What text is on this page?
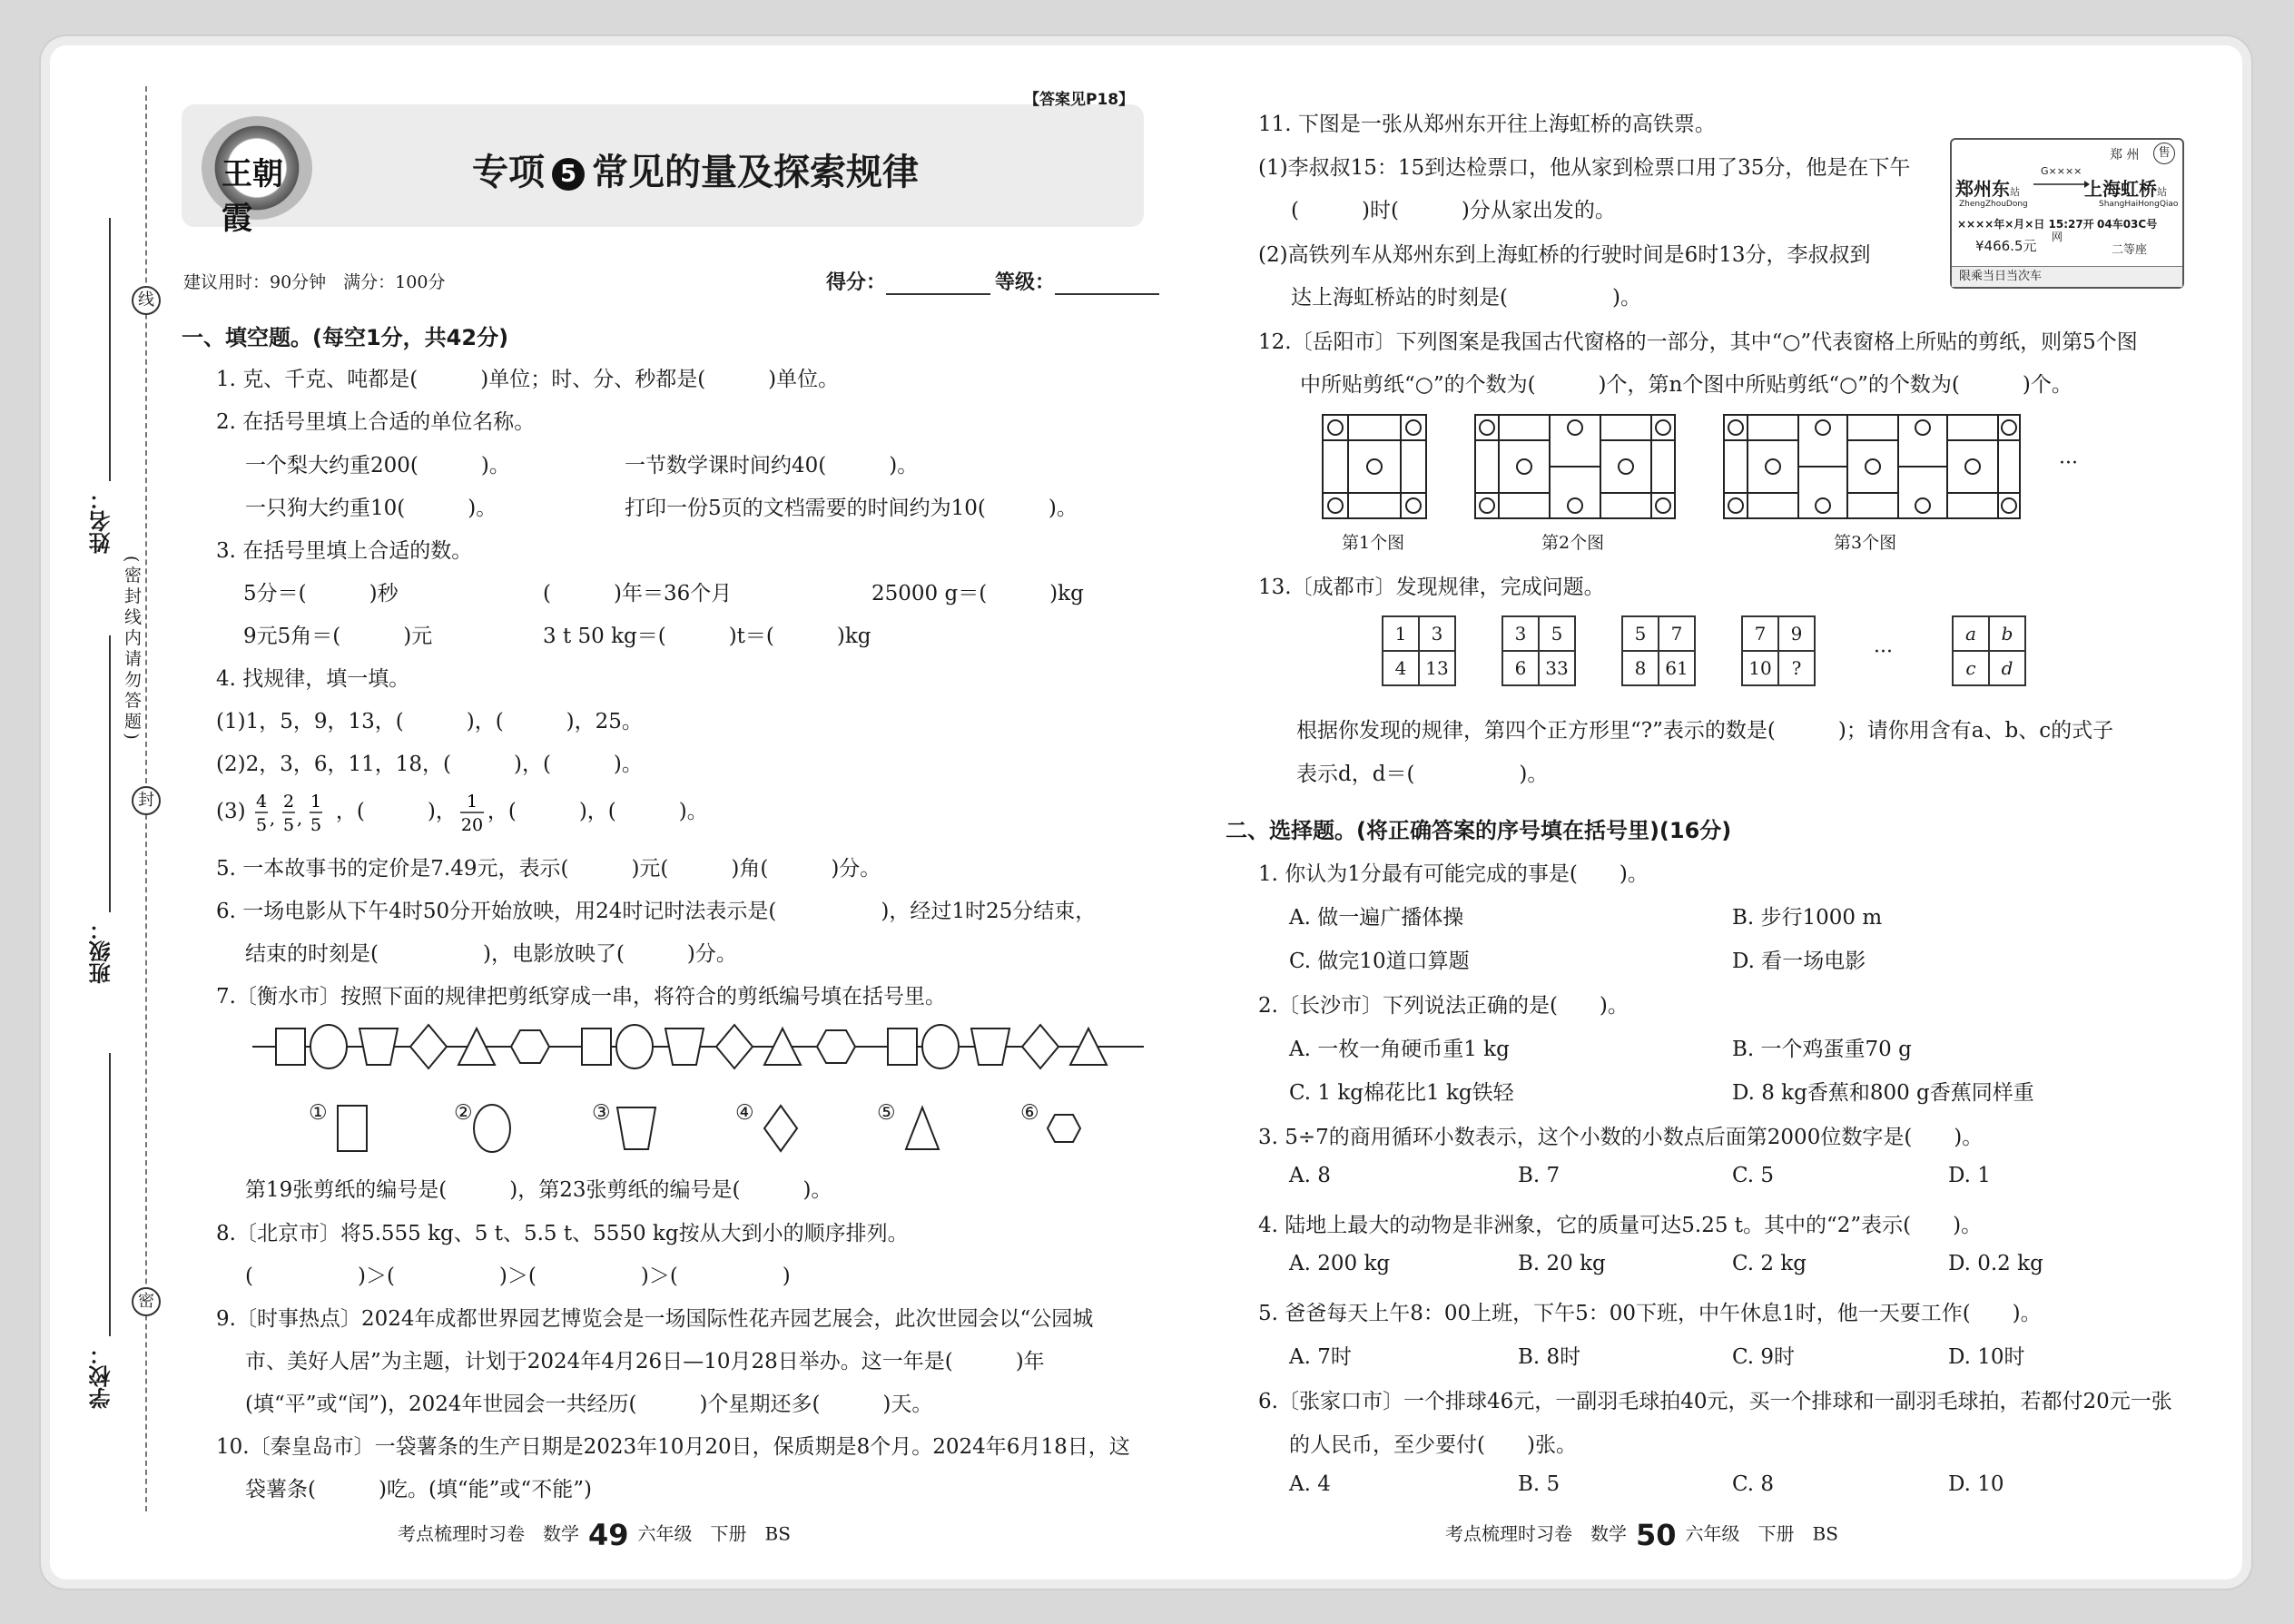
姓名：
班级：
学校：
线
封
密
(密封线内请勿答题)
王朝霞
【答案见P18】
专项 5 常见的量及探索规律
建议用时：90分钟　满分：100分	得分：	等级：
一、填空题。(每空1分，共42分)
1. 克、千克、吨都是(　　　)单位；时、分、秒都是(　　　)单位。
2. 在括号里填上合适的单位名称。
一个梨大约重200(　　　)。	一节数学课时间约40(　　　)。
一只狗大约重10(　　　)。	打印一份5页的文档需要的时间约为10(　　　)。
3. 在括号里填上合适的数。
5分＝(　　　)秒	(　　　)年＝36个月	25000 g＝(　　　)kg
9元5角＝(　　　)元	3 t 50 kg＝(　　　)t＝(　　　)kg
4. 找规律，填一填。
(1)1，5，9，13，(　　　)，(　　　)，25。
(2)2，3，6，11，18，(　　　)，(　　　)。
(3) 4
5 ,
2
5 ,
1
5
，(　　　)， 1
20
，(　　　)，(　　　)。
5. 一本故事书的定价是7.49元，表示(　　　)元(　　　)角(　　　)分。
6. 一场电影从下午4时50分开始放映，用24时记时法表示是(　　　　　)，经过1时25分结束，
结束的时刻是(　　　　　)，电影放映了(　　　)分。
7.〔衡水市〕按照下面的规律把剪纸穿成一串，将符合的剪纸编号填在括号里。
①	②	③	④	⑤	⑥
第19张剪纸的编号是(　　　)，第23张剪纸的编号是(　　　)。
8.〔北京市〕将5.555 kg、5 t、5.5 t、5550 kg按从大到小的顺序排列。
(　　　　　)＞(　　　　　)＞(　　　　　)＞(　　　　　)
9.〔时事热点〕2024年成都世界园艺博览会是一场国际性花卉园艺展会，此次世园会以“公园城
市、美好人居”为主题，计划于2024年4月26日—10月28日举办。这一年是(　　　)年
(填“平”或“闰”)，2024年世园会一共经历(　　　)个星期还多(　　　)天。
10.〔秦皇岛市〕一袋薯条的生产日期是2023年10月20日，保质期是8个月。2024年6月18日，这
袋薯条(　　　)吃。(填“能”或“不能”)
11. 下图是一张从郑州东开往上海虹桥的高铁票。
(1)李叔叔15：15到达检票口，他从家到检票口用了35分，他是在下午
(　　　)时(　　　)分从家出发的。
(2)高铁列车从郑州东到上海虹桥的行驶时间是6时13分，李叔叔到
达上海虹桥站的时刻是(　　　　　)。
郑 州	售
郑州东站
G××××
上海虹桥站
ZhengZhouDong	ShangHaiHongQiao
××××年×月×日 15:27开 04车03C号
¥466.5元
网
二等座
限乘当日当次车
12.〔岳阳市〕下列图案是我国古代窗格的一部分，其中“○”代表窗格上所贴的剪纸，则第5个图
中所贴剪纸“○”的个数为(　　　)个，第n个图中所贴剪纸“○”的个数为(　　　)个。
···
第1个图	第2个图	第3个图
13.〔成都市〕发现规律，完成问题。
1	3
4	13
3	5
6	33
5	7
8	61
7	9
10	?
···
a	b
c	d
根据你发现的规律，第四个正方形里“?”表示的数是(　　　)；请你用含有a、b、c的式子
表示d，d＝(　　　　　)。
二、选择题。(将正确答案的序号填在括号里)(16分)
1. 你认为1分最有可能完成的事是(　　)。
A. 做一遍广播体操	B. 步行1000 m
C. 做完10道口算题	D. 看一场电影
2.〔长沙市〕下列说法正确的是(　　)。
A. 一枚一角硬币重1 kg	B. 一个鸡蛋重70 g
C. 1 kg棉花比1 kg铁轻	D. 8 kg香蕉和800 g香蕉同样重
3. 5÷7的商用循环小数表示，这个小数的小数点后面第2000位数字是(　　)。
A. 8	B. 7	C. 5	D. 1
4. 陆地上最大的动物是非洲象，它的质量可达5.25 t。其中的“2”表示(　　)。
A. 200 kg	B. 20 kg	C. 2 kg	D. 0.2 kg
5. 爸爸每天上午8：00上班，下午5：00下班，中午休息1时，他一天要工作(　　)。
A. 7时	B. 8时	C. 9时	D. 10时
6.〔张家口市〕一个排球46元，一副羽毛球拍40元，买一个排球和一副羽毛球拍，若都付20元一张
的人民币，至少要付(　　)张。
A. 4	B. 5	C. 8	D. 10
考点梳理时习卷　数学 49 六年级　下册　BS	考点梳理时习卷　数学 50 六年级　下册　BS
